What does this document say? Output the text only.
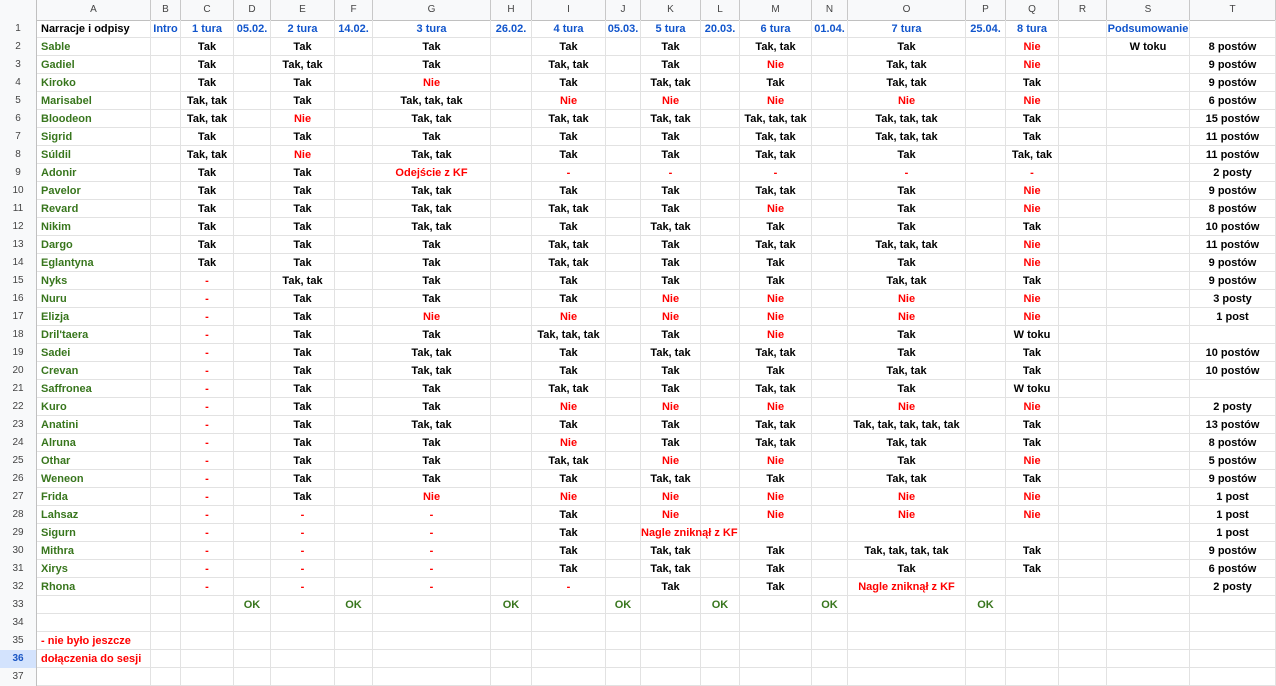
A	B	C	D	E	F	G	H	I	J	K	L	M	N	O	P	Q	R	S	T
1	Narracje i odpisy	Intro	1 tura	05.02.	2 tura	14.02.	3 tura	26.02.	4 tura	05.03.	5 tura	20.03.	6 tura	01.04.	7 tura	25.04.	8 tura	Podsumowanie
2	Sable	Tak	Tak	Tak	Tak	Tak	Tak, tak	Tak	Nie	W toku	8 postów
3	Gadiel	Tak	Tak, tak	Tak	Tak, tak	Tak	Nie	Tak, tak	Nie	9 postów
4	Kiroko	Tak	Tak	Nie	Tak	Tak, tak	Tak	Tak, tak	Tak	9 postów
5	Marisabel	Tak, tak	Tak	Tak, tak, tak	Nie	Nie	Nie	Nie	Nie	6 postów
6	Bloodeon	Tak, tak	Nie	Tak, tak	Tak, tak	Tak, tak	Tak, tak, tak	Tak, tak, tak	Tak	15 postów
7	Sigrid	Tak	Tak	Tak	Tak	Tak	Tak, tak	Tak, tak, tak	Tak	11 postów
8	Súldil	Tak, tak	Nie	Tak, tak	Tak	Tak	Tak, tak	Tak	Tak, tak	11 postów
9	Adonir	Tak	Tak	Odejście z KF	-	-	-	-	-	2 posty
10	Pavelor	Tak	Tak	Tak, tak	Tak	Tak	Tak, tak	Tak	Nie	9 postów
11	Revard	Tak	Tak	Tak, tak	Tak, tak	Tak	Nie	Tak	Nie	8 postów
12	Nikim	Tak	Tak	Tak, tak	Tak	Tak, tak	Tak	Tak	Tak	10 postów
13	Dargo	Tak	Tak	Tak	Tak, tak	Tak	Tak, tak	Tak, tak, tak	Nie	11 postów
14	Eglantyna	Tak	Tak	Tak	Tak, tak	Tak	Tak	Tak	Nie	9 postów
15	Nyks	-	Tak, tak	Tak	Tak	Tak	Tak	Tak, tak	Tak	9 postów
16	Nuru	-	Tak	Tak	Tak	Nie	Nie	Nie	Nie	3 posty
17	Elizja	-	Tak	Nie	Nie	Nie	Nie	Nie	Nie	1 post
18	Dril'taera	-	Tak	Tak	Tak, tak, tak	Tak	Nie	Tak	W toku
19	Sadei	-	Tak	Tak, tak	Tak	Tak, tak	Tak, tak	Tak	Tak	10 postów
20	Crevan	-	Tak	Tak, tak	Tak	Tak	Tak	Tak, tak	Tak	10 postów
21	Saffronea	-	Tak	Tak	Tak, tak	Tak	Tak, tak	Tak	W toku
22	Kuro	-	Tak	Tak	Nie	Nie	Nie	Nie	Nie	2 posty
23	Anatini	-	Tak	Tak, tak	Tak	Tak	Tak, tak	Tak, tak, tak, tak, tak	Tak	13 postów
24	Alruna	-	Tak	Tak	Nie	Tak	Tak, tak	Tak, tak	Tak	8 postów
25	Othar	-	Tak	Tak	Tak, tak	Nie	Nie	Tak	Nie	5 postów
26	Weneon	-	Tak	Tak	Tak	Tak, tak	Tak	Tak, tak	Tak	9 postów
27	Frida	-	Tak	Nie	Nie	Nie	Nie	Nie	Nie	1 post
28	Lahsaz	-	-	-	Tak	Nie	Nie	Nie	Nie	1 post
29	Sigurn	-	-	-	Tak	Nagle zniknął z KF	1 post
30	Mithra	-	-	-	Tak	Tak, tak	Tak	Tak, tak, tak, tak	Tak	9 postów
31	Xirys	-	-	-	Tak	Tak, tak	Tak	Tak	Tak	6 postów
32	Rhona	-	-	-	-	Tak	Tak	Nagle zniknął z KF	2 posty
33	OK	OK	OK	OK	OK	OK	OK
34
35	- nie było jeszcze
36	dołączenia do sesji
37
